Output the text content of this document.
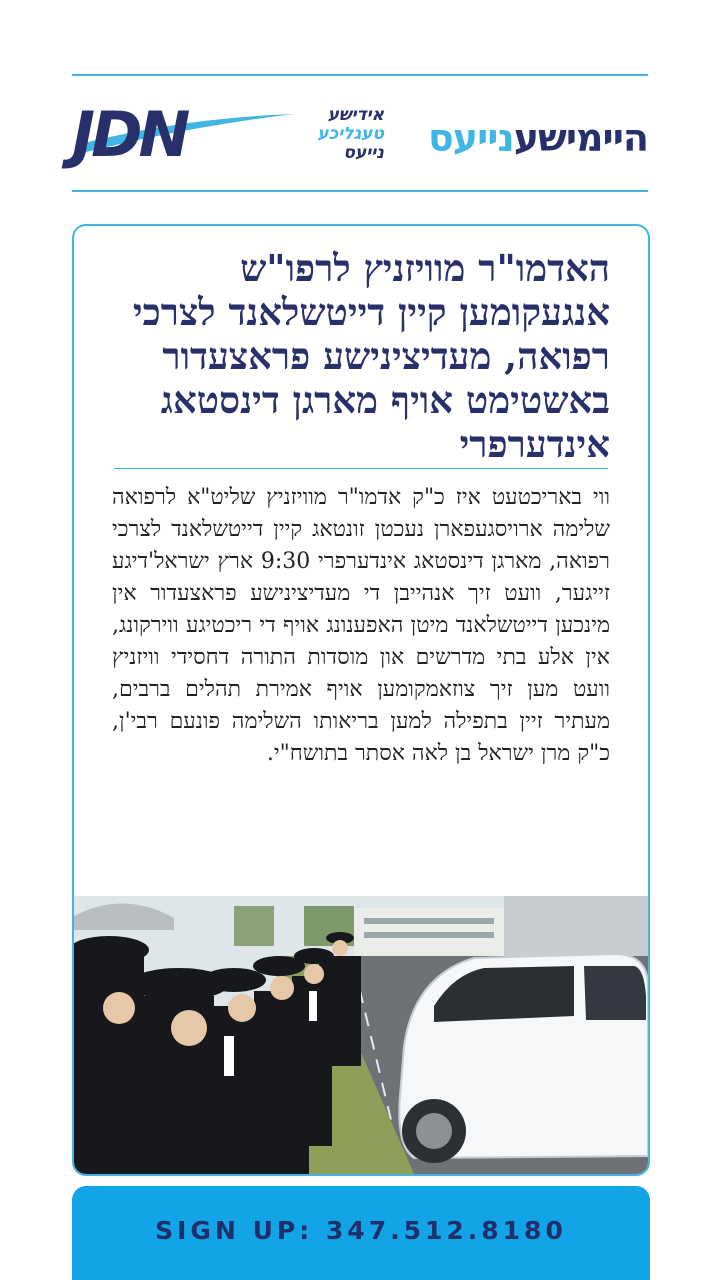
JDN	אידישע
טעגליכע
נייעס	היימישענייעס
האדמו"ר מוויזניץ לרפו"ש אנגעקומען קיין דייטשלאנד לצרכי רפואה, מעדיצינישע פראצעדור באשטימט אויף מארגן דינסטאג אינדערפרי
ווי באריכטעט איז כ"ק אדמו"ר מוויזניץ שליט"א לרפואה שלימה ארויסגעפארן נעכטן זונטאג קיין דייטשלאנד לצרכי רפואה, מארגן דינסטאג אינדערפרי 9:30 ארץ ישראל'דיגע זייגער, וועט זיך אנהייבן די מעדיצינישע פראצעדור אין מינכען דייטשלאנד מיטן האפענונג אויף די ריכטיגע ווירקונג, אין אלע בתי מדרשים און מוסדות התורה דחסידי וויזניץ וועט מען זיך צוזאמקומען אויף אמירת תהלים ברבים, מעתיר זיין בתפילה למען בריאותו השלימה פונעם רבי'ן, כ"ק מרן ישראל בן לאה אסתר בתושח"י.
SIGN UP: 347.512.8180
